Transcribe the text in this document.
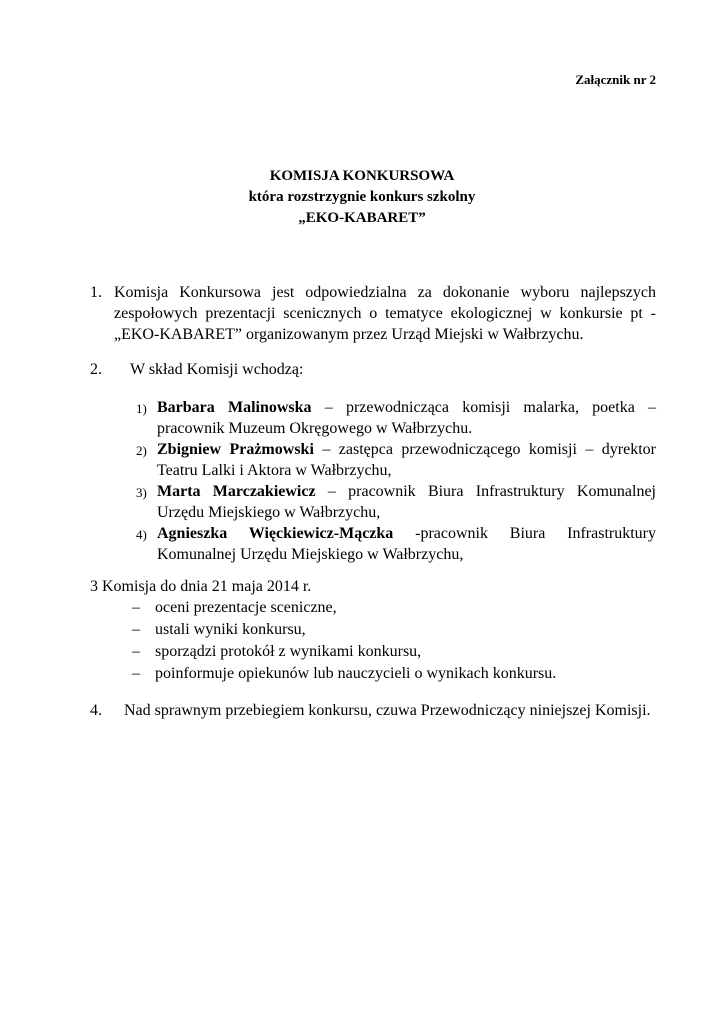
Załącznik nr 2
KOMISJA KONKURSOWA
która rozstrzygnie konkurs szkolny
„EKO-KABARET”
1. Komisja Konkursowa jest odpowiedzialna za dokonanie wyboru najlepszych zespołowych prezentacji scenicznych o tematyce ekologicznej w konkursie pt - „EKO-KABARET” organizowanym przez Urząd Miejski w Wałbrzychu.
2. W skład Komisji wchodzą:
1) Barbara Malinowska – przewodnicząca komisji malarka, poetka – pracownik Muzeum Okręgowego w Wałbrzychu.
2) Zbigniew Prażmowski – zastępca przewodniczącego komisji – dyrektor Teatru Lalki i Aktora w Wałbrzychu,
3) Marta Marczakiewicz – pracownik Biura Infrastruktury Komunalnej Urzędu Miejskiego w Wałbrzychu,
4) Agnieszka Więckiewicz-Mączka -pracownik Biura Infrastruktury Komunalnej Urzędu Miejskiego w Wałbrzychu,
3 Komisja do dnia 21 maja 2014 r.
– oceni prezentacje sceniczne,
– ustali wyniki konkursu,
– sporządzi protokół z wynikami konkursu,
– poinformuje opiekunów lub nauczycieli o wynikach konkursu.
4. Nad sprawnym przebiegiem konkursu, czuwa Przewodniczący niniejszej Komisji.
